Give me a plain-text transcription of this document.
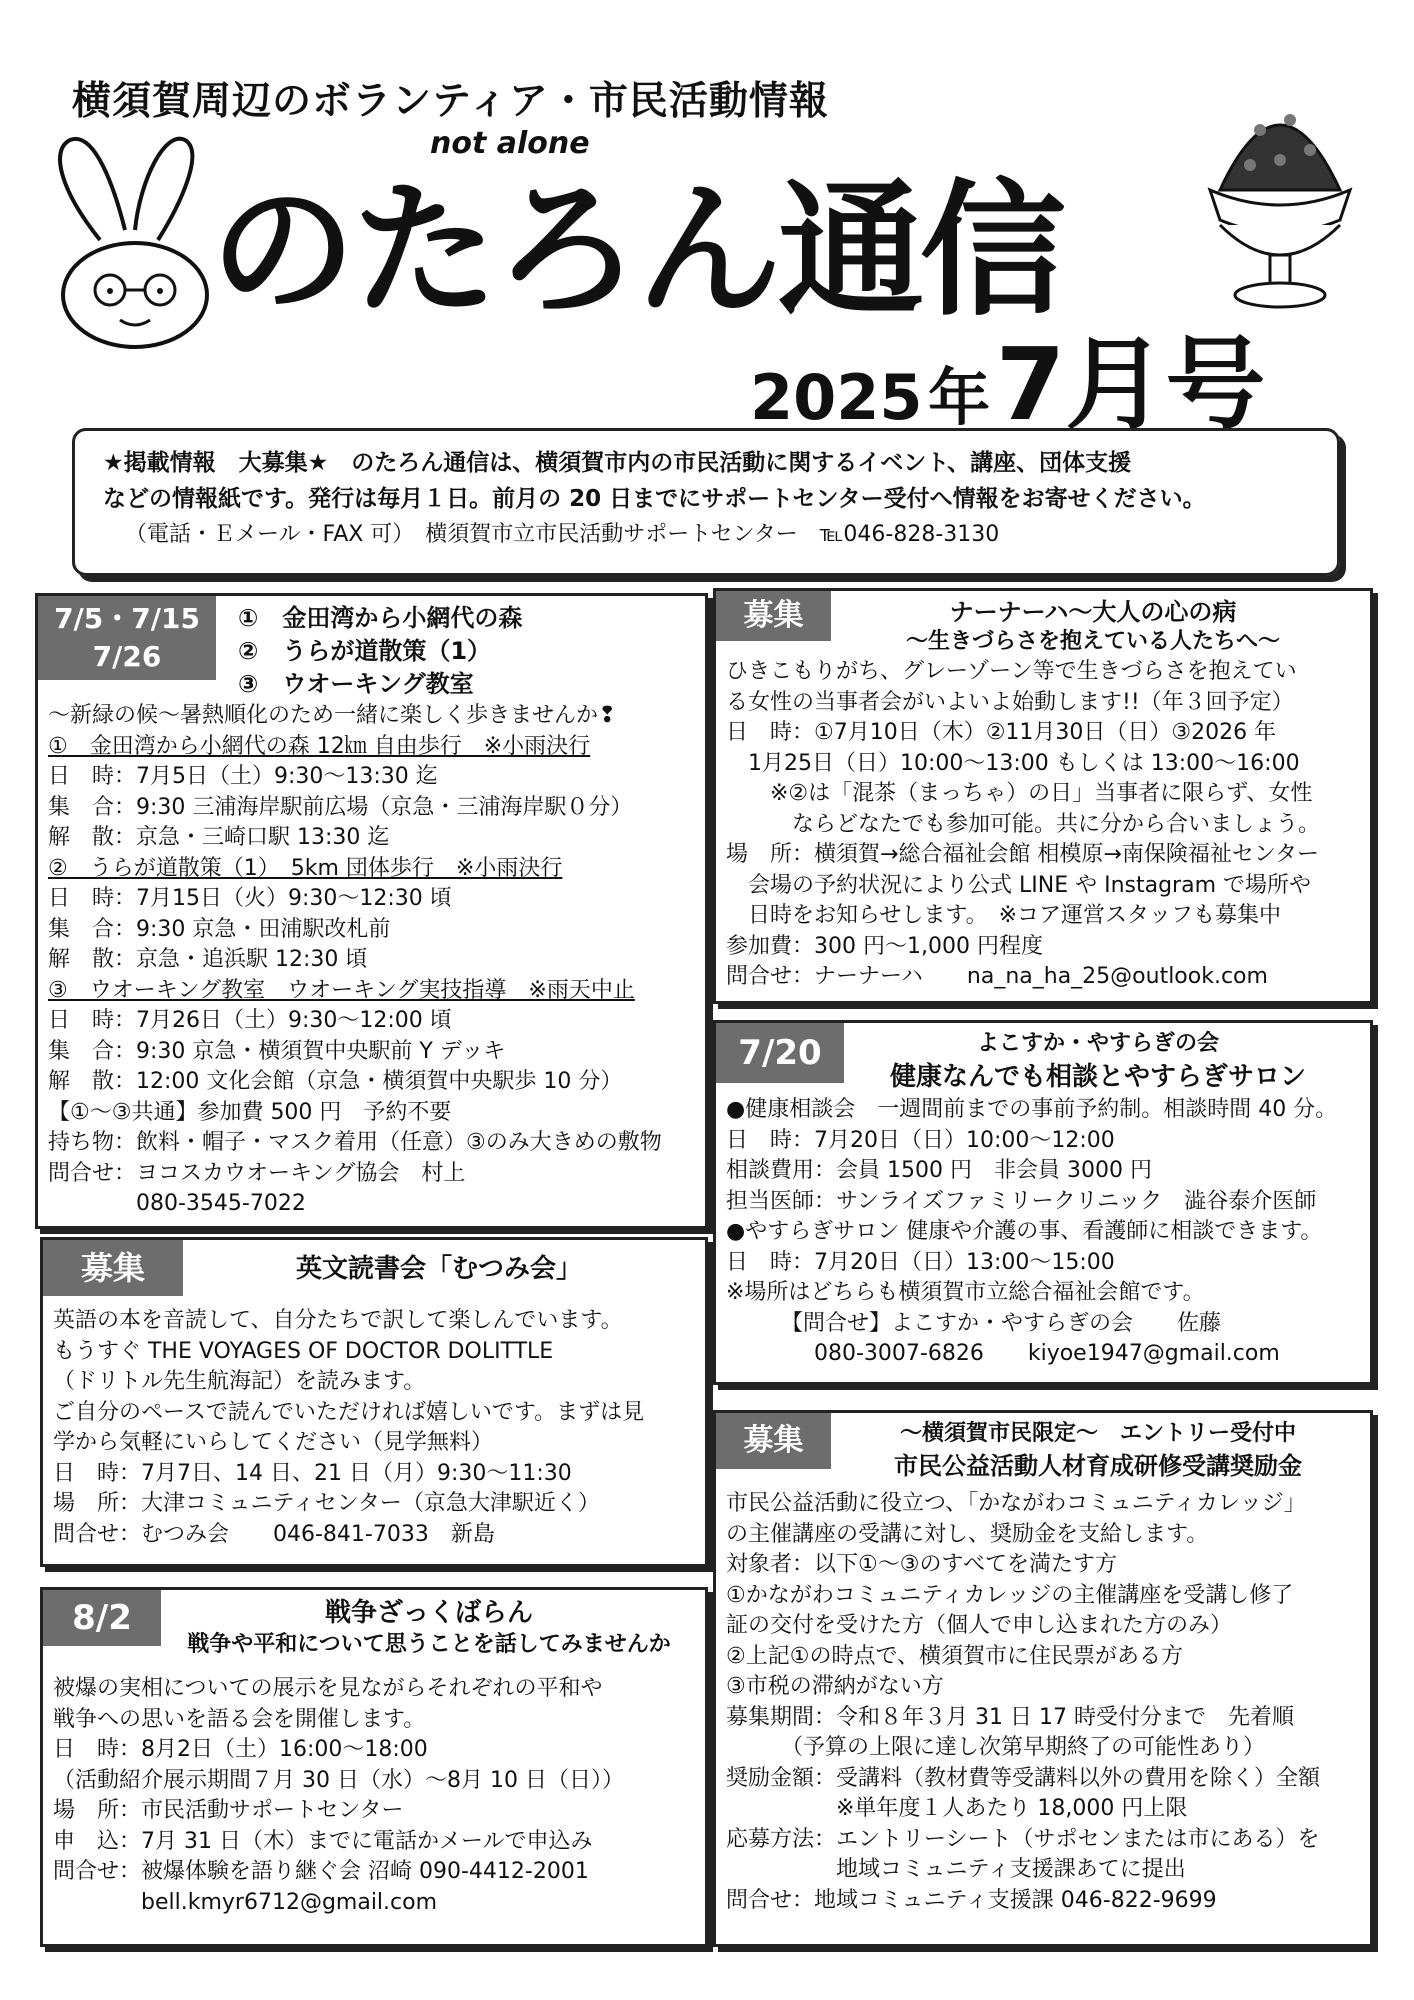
横須賀周辺のボランティア・市民活動情報
not alone
のたろん通信
2025 年 7月号
★掲載情報　大募集★　のたろん通信は、横須賀市内の市民活動に関するイベント、講座、団体支援
などの情報紙です。発行は毎月１日。前月の 20 日までにサポートセンター受付へ情報をお寄せください。
（電話・Ｅメール・FAX 可）　横須賀市立市民活動サポートセンター　℡046-828-3130
7/5・7/15
7/26
①　金田湾から小網代の森
②　うらが道散策（1）
③　ウオーキング教室
～新緑の候～暑熱順化のため一緒に楽しく歩きませんか❢
①　金田湾から小網代の森 12㎞ 自由歩行　※小雨決行
日　時：7月5日（土）9:30～13:30 迄
集　合：9:30 三浦海岸駅前広場（京急・三浦海岸駅０分）
解　散：京急・三崎口駅 13:30 迄
②　うらが道散策（1）　5km 団体歩行　※小雨決行
日　時：7月15日（火）9:30～12:30 頃
集　合：9:30 京急・田浦駅改札前
解　散：京急・追浜駅 12:30 頃
③　ウオーキング教室　ウオーキング実技指導　※雨天中止
日　時：7月26日（土）9:30～12:00 頃
集　合：9:30 京急・横須賀中央駅前 Y デッキ
解　散：12:00 文化会館（京急・横須賀中央駅歩 10 分）
【①～③共通】参加費 500 円　予約不要
持ち物：飲料・帽子・マスク着用（任意）③のみ大きめの敷物
問合せ：ヨコスカウオーキング協会　村上
　　　　080-3545-7022
募集	ナーナーハ～大人の心の病
～生きづらさを抱えている人たちへ～
ひきこもりがち、グレーゾーン等で生きづらさを抱えてい
る女性の当事者会がいよいよ始動します!!（年３回予定）
日　時：①7月10日（木）②11月30日（日）③2026 年
　1月25日（日）10:00～13:00 もしくは 13:00～16:00
　　※②は「混茶（まっちゃ）の日」当事者に限らず、女性
　　　ならどなたでも参加可能。共に分から合いましょう。
場　所：横須賀→総合福祉会館 相模原→南保険福祉センター
　会場の予約状況により公式 LINE や Instagram で場所や
　日時をお知らせします。　※コア運営スタッフも募集中
参加費：300 円～1,000 円程度
問合せ：ナーナーハ　　na_na_ha_25@outlook.com
7/20	よこすか・やすらぎの会
健康なんでも相談とやすらぎサロン
●健康相談会　一週間前までの事前予約制。相談時間 40 分。
日　時：7月20日（日）10:00～12:00
相談費用：会員 1500 円　非会員 3000 円
担当医師：サンライズファミリークリニック　澁谷泰介医師
●やすらぎサロン 健康や介護の事、看護師に相談できます。
日　時：7月20日（日）13:00～15:00
※場所はどちらも横須賀市立総合福祉会館です。
　　　【問合せ】よこすか・やすらぎの会　　佐藤
　　　　080-3007-6826　　kiyoe1947@gmail.com
募集	英文読書会「むつみ会」
英語の本を音読して、自分たちで訳して楽しんでいます。
もうすぐ THE VOYAGES OF DOCTOR DOLITTLE
（ドリトル先生航海記）を読みます。
ご自分のペースで読んでいただければ嬉しいです。まずは見
学から気軽にいらしてください（見学無料）
日　時：7月7日、14 日、21 日（月）9:30～11:30
場　所：大津コミュニティセンター（京急大津駅近く）
問合せ：むつみ会　　046-841-7033　新島
8/2	戦争ざっくばらん
戦争や平和について思うことを話してみませんか
被爆の実相についての展示を見ながらそれぞれの平和や
戦争への思いを語る会を開催します。
日　時：8月2日（土）16:00～18:00
（活動紹介展示期間７月 30 日（水）～8月 10 日（日））
場　所：市民活動サポートセンター
申　込：7月 31 日（木）までに電話かメールで申込み
問合せ：被爆体験を語り継ぐ会 沼崎 090-4412-2001
　　　　bell.kmyr6712@gmail.com
募集	～横須賀市民限定～　エントリー受付中
市民公益活動人材育成研修受講奨励金
市民公益活動に役立つ、「かながわコミュニティカレッジ」
の主催講座の受講に対し、奨励金を支給します。
対象者：以下①～③のすべてを満たす方
①かながわコミュニティカレッジの主催講座を受講し修了
証の交付を受けた方（個人で申し込まれた方のみ）
②上記①の時点で、横須賀市に住民票がある方
③市税の滞納がない方
募集期間：令和８年３月 31 日 17 時受付分まで　先着順
　　　（予算の上限に達し次第早期終了の可能性あり）
奨励金額：受講料（教材費等受講料以外の費用を除く）全額
　　　　　※単年度１人あたり 18,000 円上限
応募方法：エントリーシート（サポセンまたは市にある）を
　　　　　地域コミュニティ支援課あてに提出
問合せ：地域コミュニティ支援課 046-822-9699
